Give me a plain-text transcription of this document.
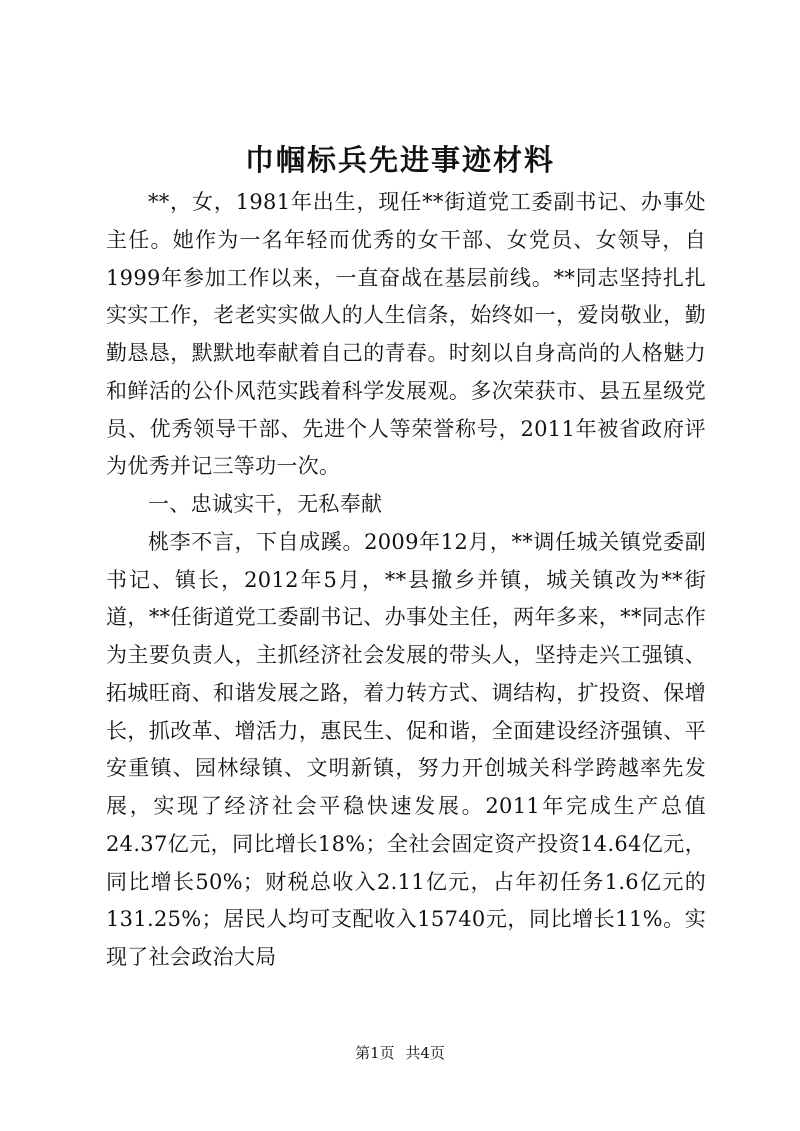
巾帼标兵先进事迹材料

**，女，1981年出生，现任**街道党工委副书记、办事处主任。她作为一名年轻而优秀的女干部、女党员、女领导，自1999年参加工作以来，一直奋战在基层前线。**同志坚持扎扎实实工作，老老实实做人的人生信条，始终如一，爱岗敬业，勤勤恳恳，默默地奉献着自己的青春。时刻以自身高尚的人格魅力和鲜活的公仆风范实践着科学发展观。多次荣获市、县五星级党员、优秀领导干部、先进个人等荣誉称号，2011年被省政府评为优秀并记三等功一次。

一、忠诚实干，无私奉献

桃李不言，下自成蹊。2009年12月，**调任城关镇党委副书记、镇长，2012年5月，**县撤乡并镇，城关镇改为**街道，**任街道党工委副书记、办事处主任，两年多来，**同志作为主要负责人，主抓经济社会发展的带头人，坚持走兴工强镇、拓城旺商、和谐发展之路，着力转方式、调结构，扩投资、保增长，抓改革、增活力，惠民生、促和谐，全面建设经济强镇、平安重镇、园林绿镇、文明新镇，努力开创城关科学跨越率先发展，实现了经济社会平稳快速发展。2011年完成生产总值24.37亿元，同比增长18%；全社会固定资产投资14.64亿元，同比增长50%；财税总收入2.11亿元，占年初任务1.6亿元的131.25%；居民人均可支配收入15740元，同比增长11%。实现了社会政治大局

第1页 共4页
